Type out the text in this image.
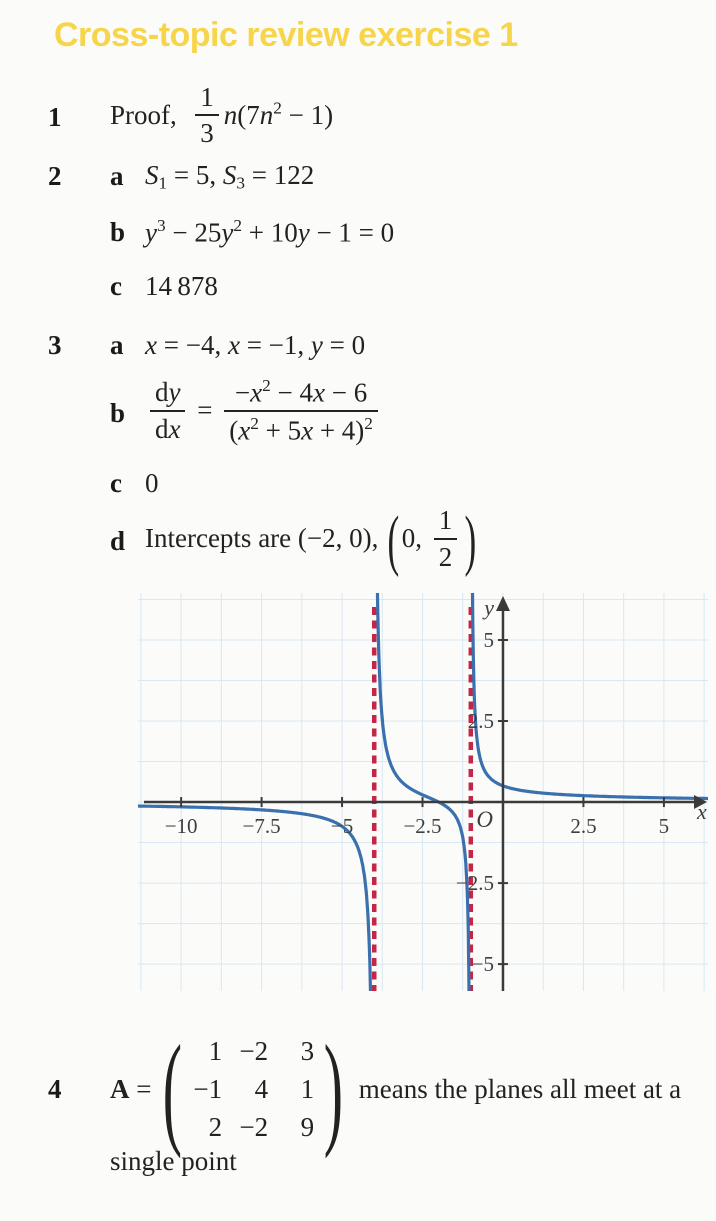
Cross-topic review exercise 1
1	Proof,  $\frac{1}{3} n(7n^2 - 1)$
2	a S1 = 5, S3 = 122
b $y^3 - 25y^2 + 10y - 1 = 0$
c 14 878
3	a x = −4, x = −1, y = 0
b $\frac{dy}{dx} = \frac{-x^2 - 4x - 6}{(x^2 + 5x + 4)^2}$
c 0
d Intercepts are (−2, 0), (0, $\frac{1}{2}$ )
−10 −7.5 −5 −2.5	2.5	5
5
2.5
−2.5
−5
O	x
y
4	A = ( 1 −2	3
−1	4	1
2 −2	9 ) means the planes all meet at a
single point
